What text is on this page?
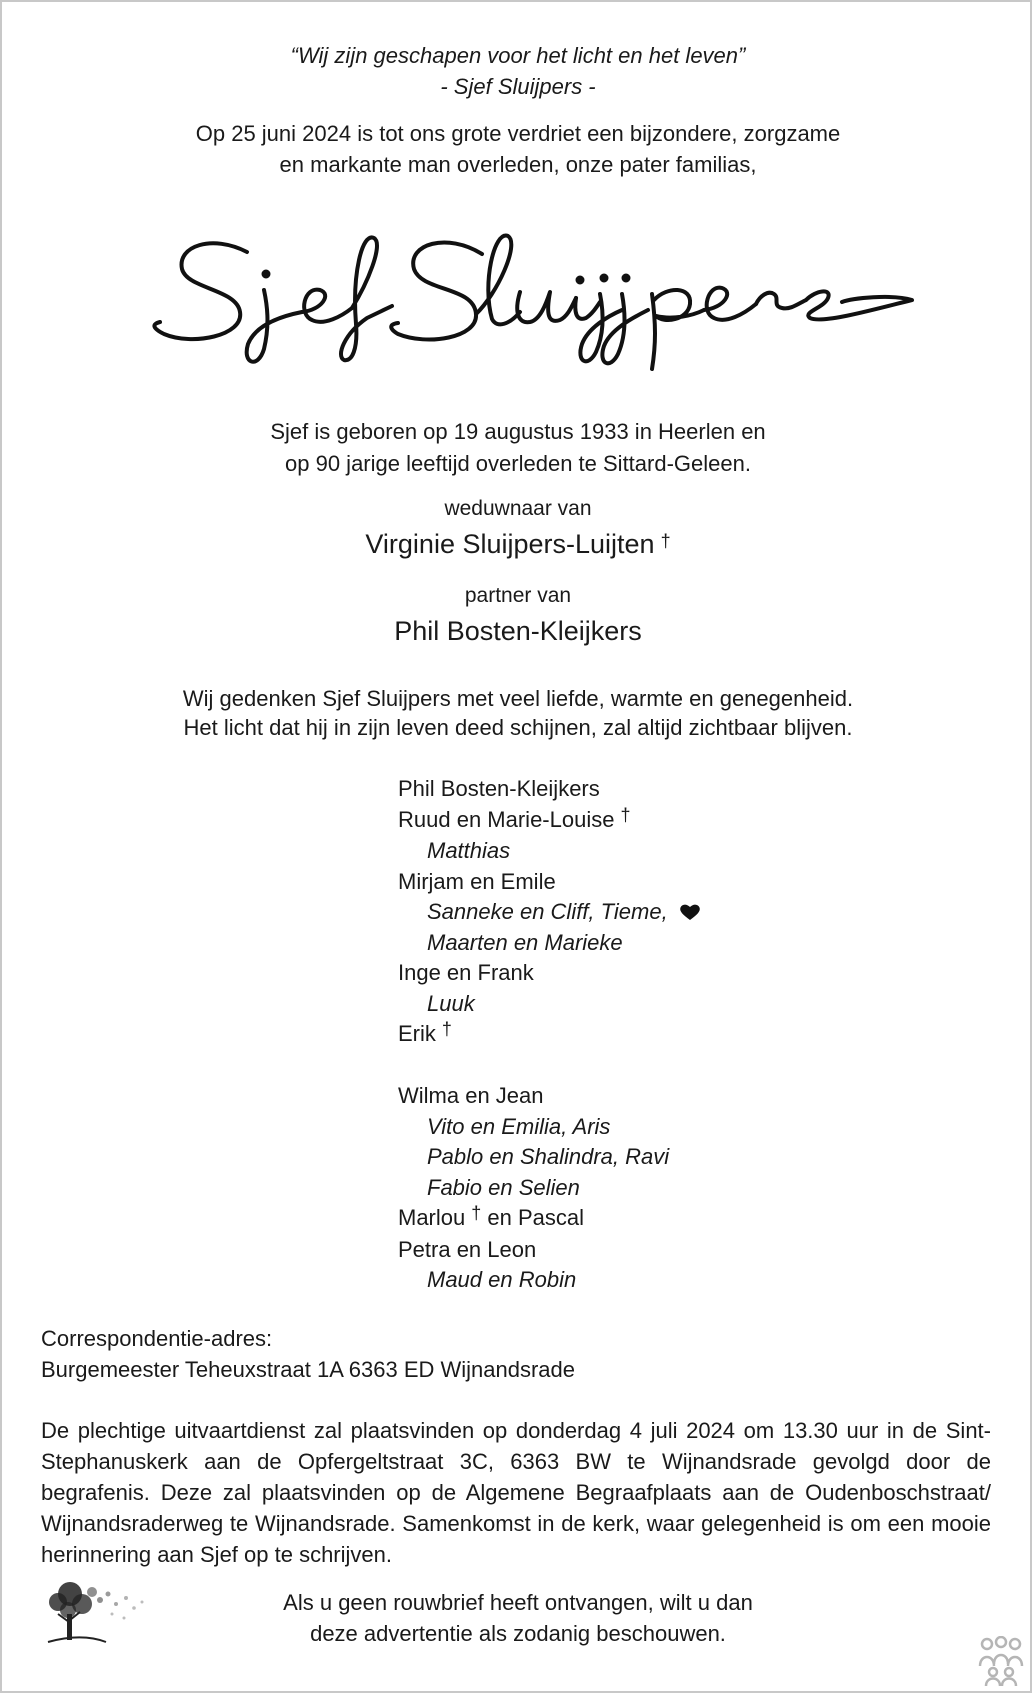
“Wij zijn geschapen voor het licht en het leven”
- Sjef Sluijpers -
Op 25 juni 2024 is tot ons grote verdriet een bijzondere, zorgzame
en markante man overleden, onze pater familias,
Sjef is geboren op 19 augustus 1933 in Heerlen en
op 90 jarige leeftijd overleden te Sittard-Geleen.
weduwnaar van
Virginie Sluijpers-Luijten †
partner van
Phil Bosten-Kleijkers
Wij gedenken Sjef Sluijpers met veel liefde, warmte en genegenheid.
Het licht dat hij in zijn leven deed schijnen, zal altijd zichtbaar blijven.
Phil Bosten-Kleijkers
Ruud en Marie-Louise †
Matthias
Mirjam en Emile
Sanneke en Cliff, Tieme,
Maarten en Marieke
Inge en Frank
Luuk
Erik †
Wilma en Jean
Vito en Emilia, Aris
Pablo en Shalindra, Ravi
Fabio en Selien
Marlou † en Pascal
Petra en Leon
Maud en Robin
Correspondentie-adres:
Burgemeester Teheuxstraat 1A 6363 ED Wijnandsrade
De plechtige uitvaartdienst zal plaatsvinden op donderdag 4 juli 2024 om 13.30 uur in de Sint-Stephanuskerk aan de Opfergeltstraat 3C, 6363 BW te Wijnandsrade gevolgd door de begrafenis. Deze zal plaatsvinden op de Algemene Begraafplaats aan de Oudenboschstraat/ Wijnandsraderweg te Wijnandsrade. Samenkomst in de kerk, waar gelegenheid is om een mooie herinnering aan Sjef op te schrijven.
Als u geen rouwbrief heeft ontvangen, wilt u dan
deze advertentie als zodanig beschouwen.
